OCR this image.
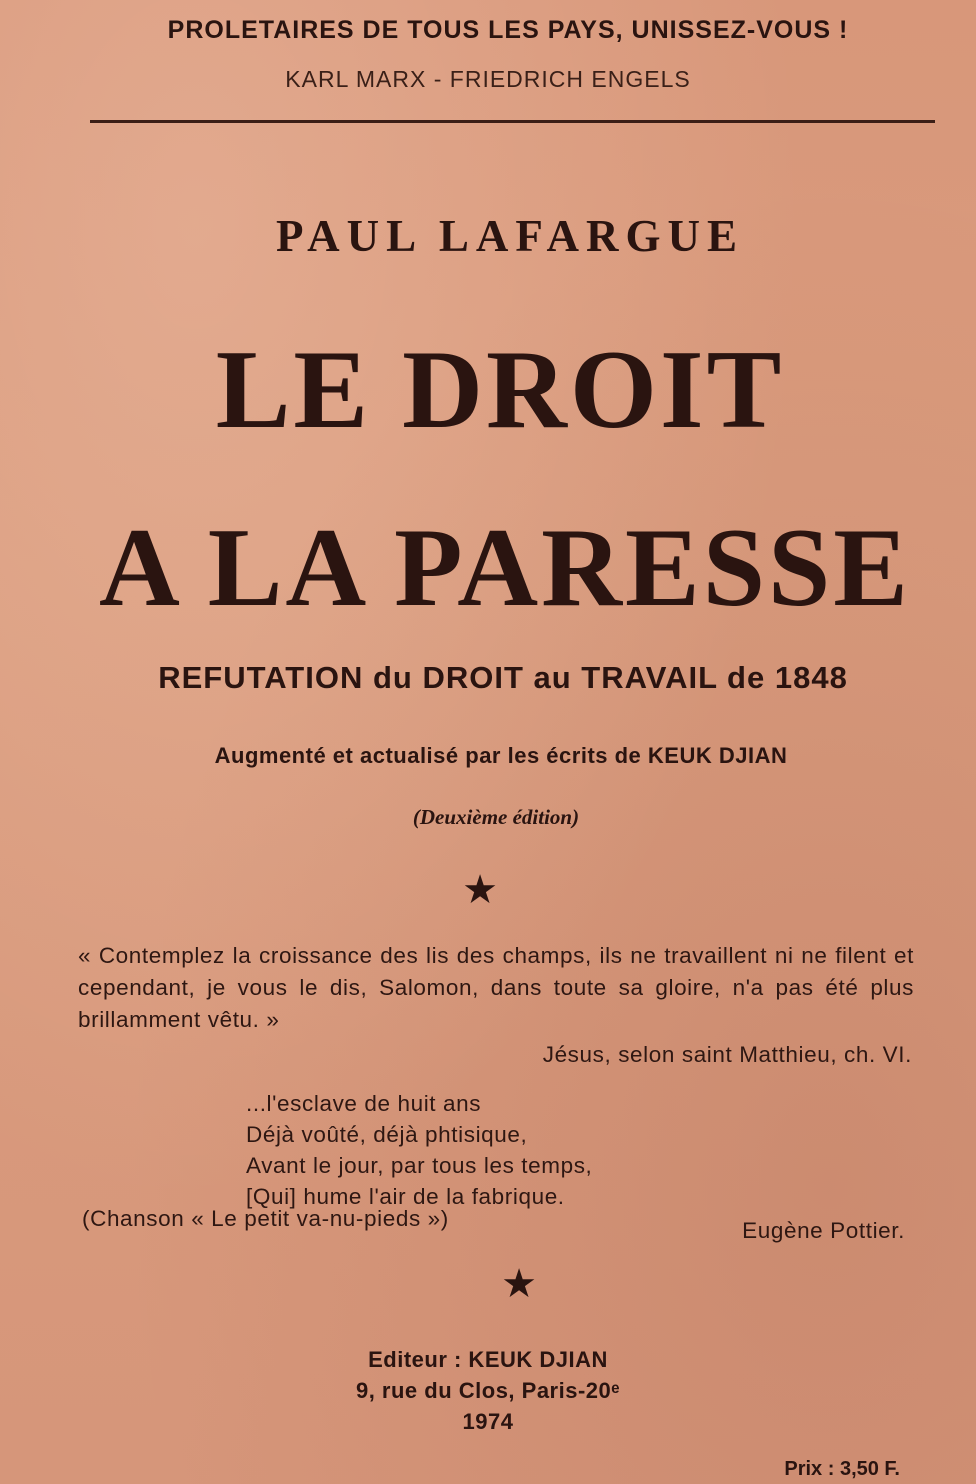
PROLETAIRES DE TOUS LES PAYS, UNISSEZ-VOUS !
KARL MARX - FRIEDRICH ENGELS
PAUL LAFARGUE
LE DROIT
A LA PARESSE
REFUTATION du DROIT au TRAVAIL de 1848
Augmenté et actualisé par les écrits de KEUK DJIAN
(Deuxième édition)
★
« Contemplez la croissance des lis des champs, ils ne travaillent ni ne filent et cependant, je vous le dis, Salomon, dans toute sa gloire, n'a pas été plus brillamment vêtu. »
Jésus, selon saint Matthieu, ch. VI.
...l'esclave de huit ans
Déjà voûté, déjà phtisique,
Avant le jour, par tous les temps,
[Qui] hume l'air de la fabrique.
(Chanson « Le petit va-nu-pieds »)	Eugène Pottier.
★
Editeur : KEUK DJIAN
9, rue du Clos, Paris-20ᵉ
1974
Prix : 3,50 F.
